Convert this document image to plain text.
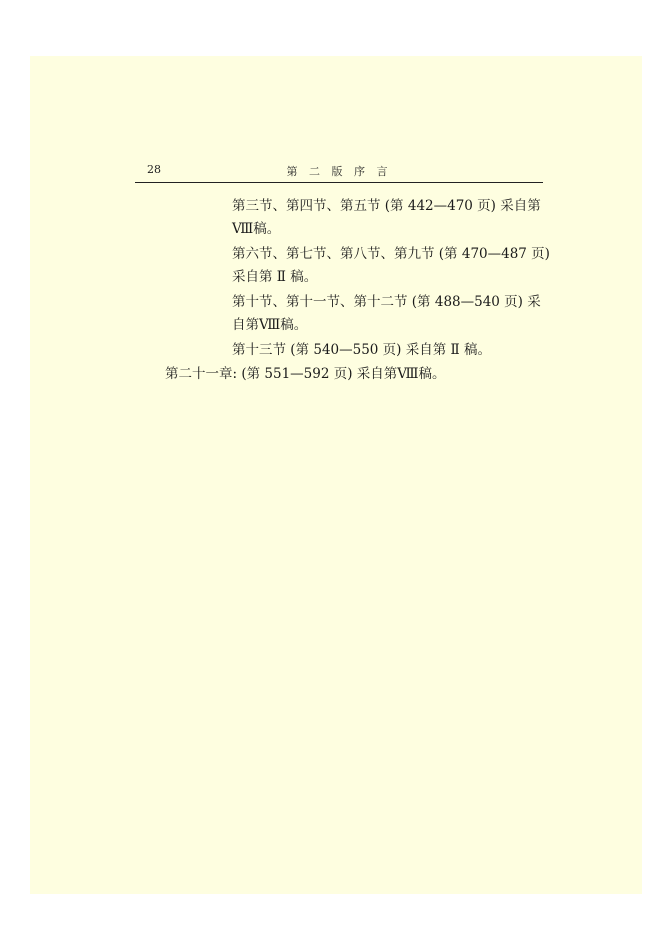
28	第 二 版 序 言
第三节、第四节、第五节 (第 442—470 页) 采自第
Ⅷ稿。
第六节、第七节、第八节、第九节 (第 470—487 页)
采自第 Ⅱ 稿。
第十节、第十一节、第十二节 (第 488—540 页) 采
自第Ⅷ稿。
第十三节 (第 540—550 页) 采自第 Ⅱ 稿。
第二十一章: (第 551—592 页) 采自第Ⅷ稿。
